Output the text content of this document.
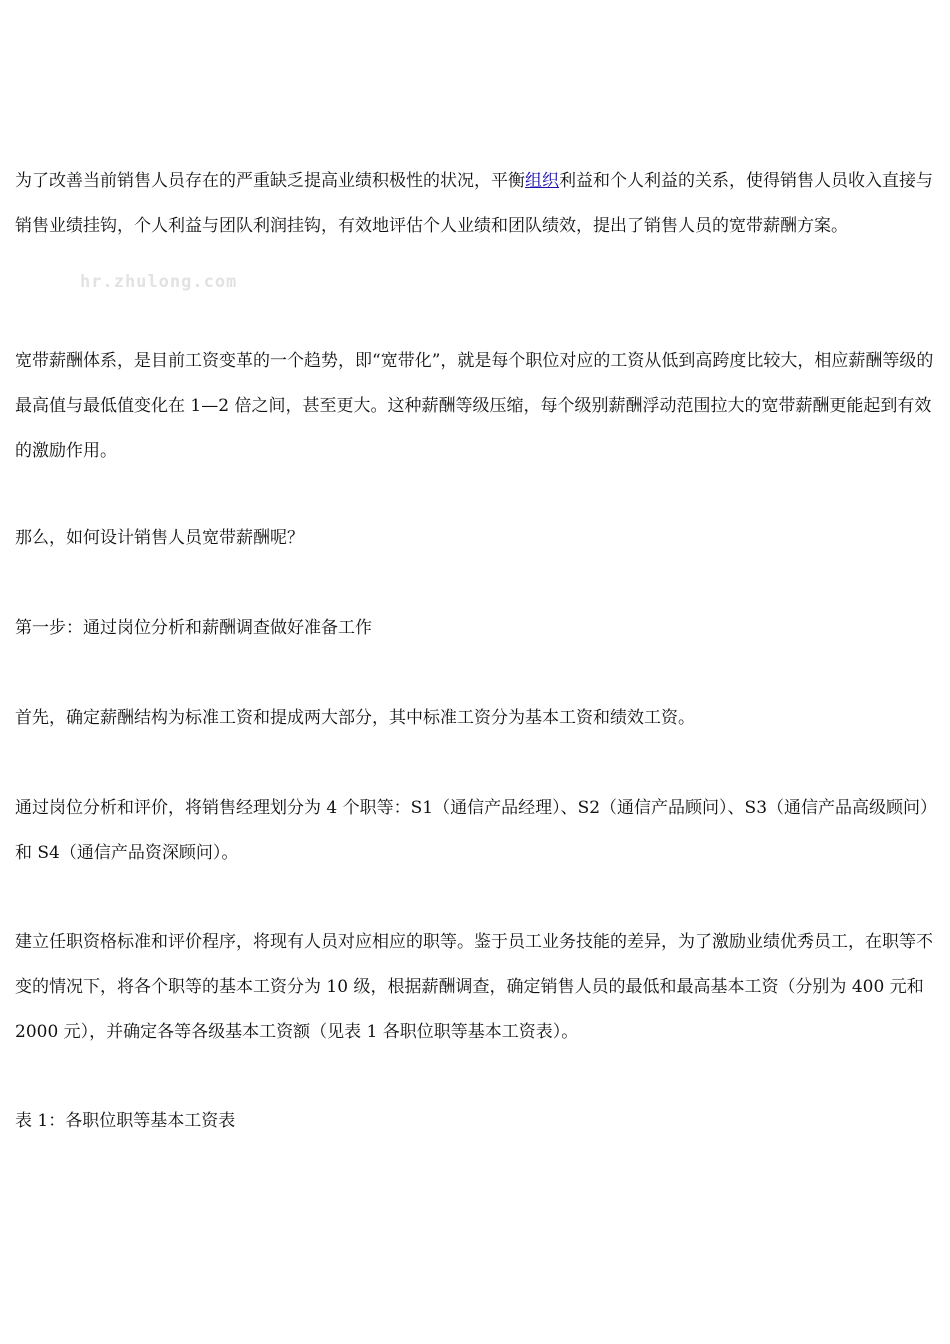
hr.zhulong.com

为了改善当前销售人员存在的严重缺乏提高业绩积极性的状况，平衡组织利益和个人利益的关系，使得销售人员收入直接与销售业绩挂钩，个人利益与团队利润挂钩，有效地评估个人业绩和团队绩效，提出了销售人员的宽带薪酬方案。

宽带薪酬体系，是目前工资变革的一个趋势，即“宽带化”，就是每个职位对应的工资从低到高跨度比较大，相应薪酬等级的最高值与最低值变化在 1—2 倍之间，甚至更大。这种薪酬等级压缩，每个级别薪酬浮动范围拉大的宽带薪酬更能起到有效的激励作用。

那么，如何设计销售人员宽带薪酬呢？

第一步：通过岗位分析和薪酬调查做好准备工作

首先，确定薪酬结构为标准工资和提成两大部分，其中标准工资分为基本工资和绩效工资。

通过岗位分析和评价，将销售经理划分为 4 个职等：S1（通信产品经理）、S2（通信产品顾问）、S3（通信产品高级顾问）和 S4（通信产品资深顾问）。

建立任职资格标准和评价程序，将现有人员对应相应的职等。鉴于员工业务技能的差异，为了激励业绩优秀员工，在职等不变的情况下，将各个职等的基本工资分为 10 级，根据薪酬调查，确定销售人员的最低和最高基本工资（分别为 400 元和 2000 元），并确定各等各级基本工资额（见表 1 各职位职等基本工资表）。

表 1：各职位职等基本工资表
